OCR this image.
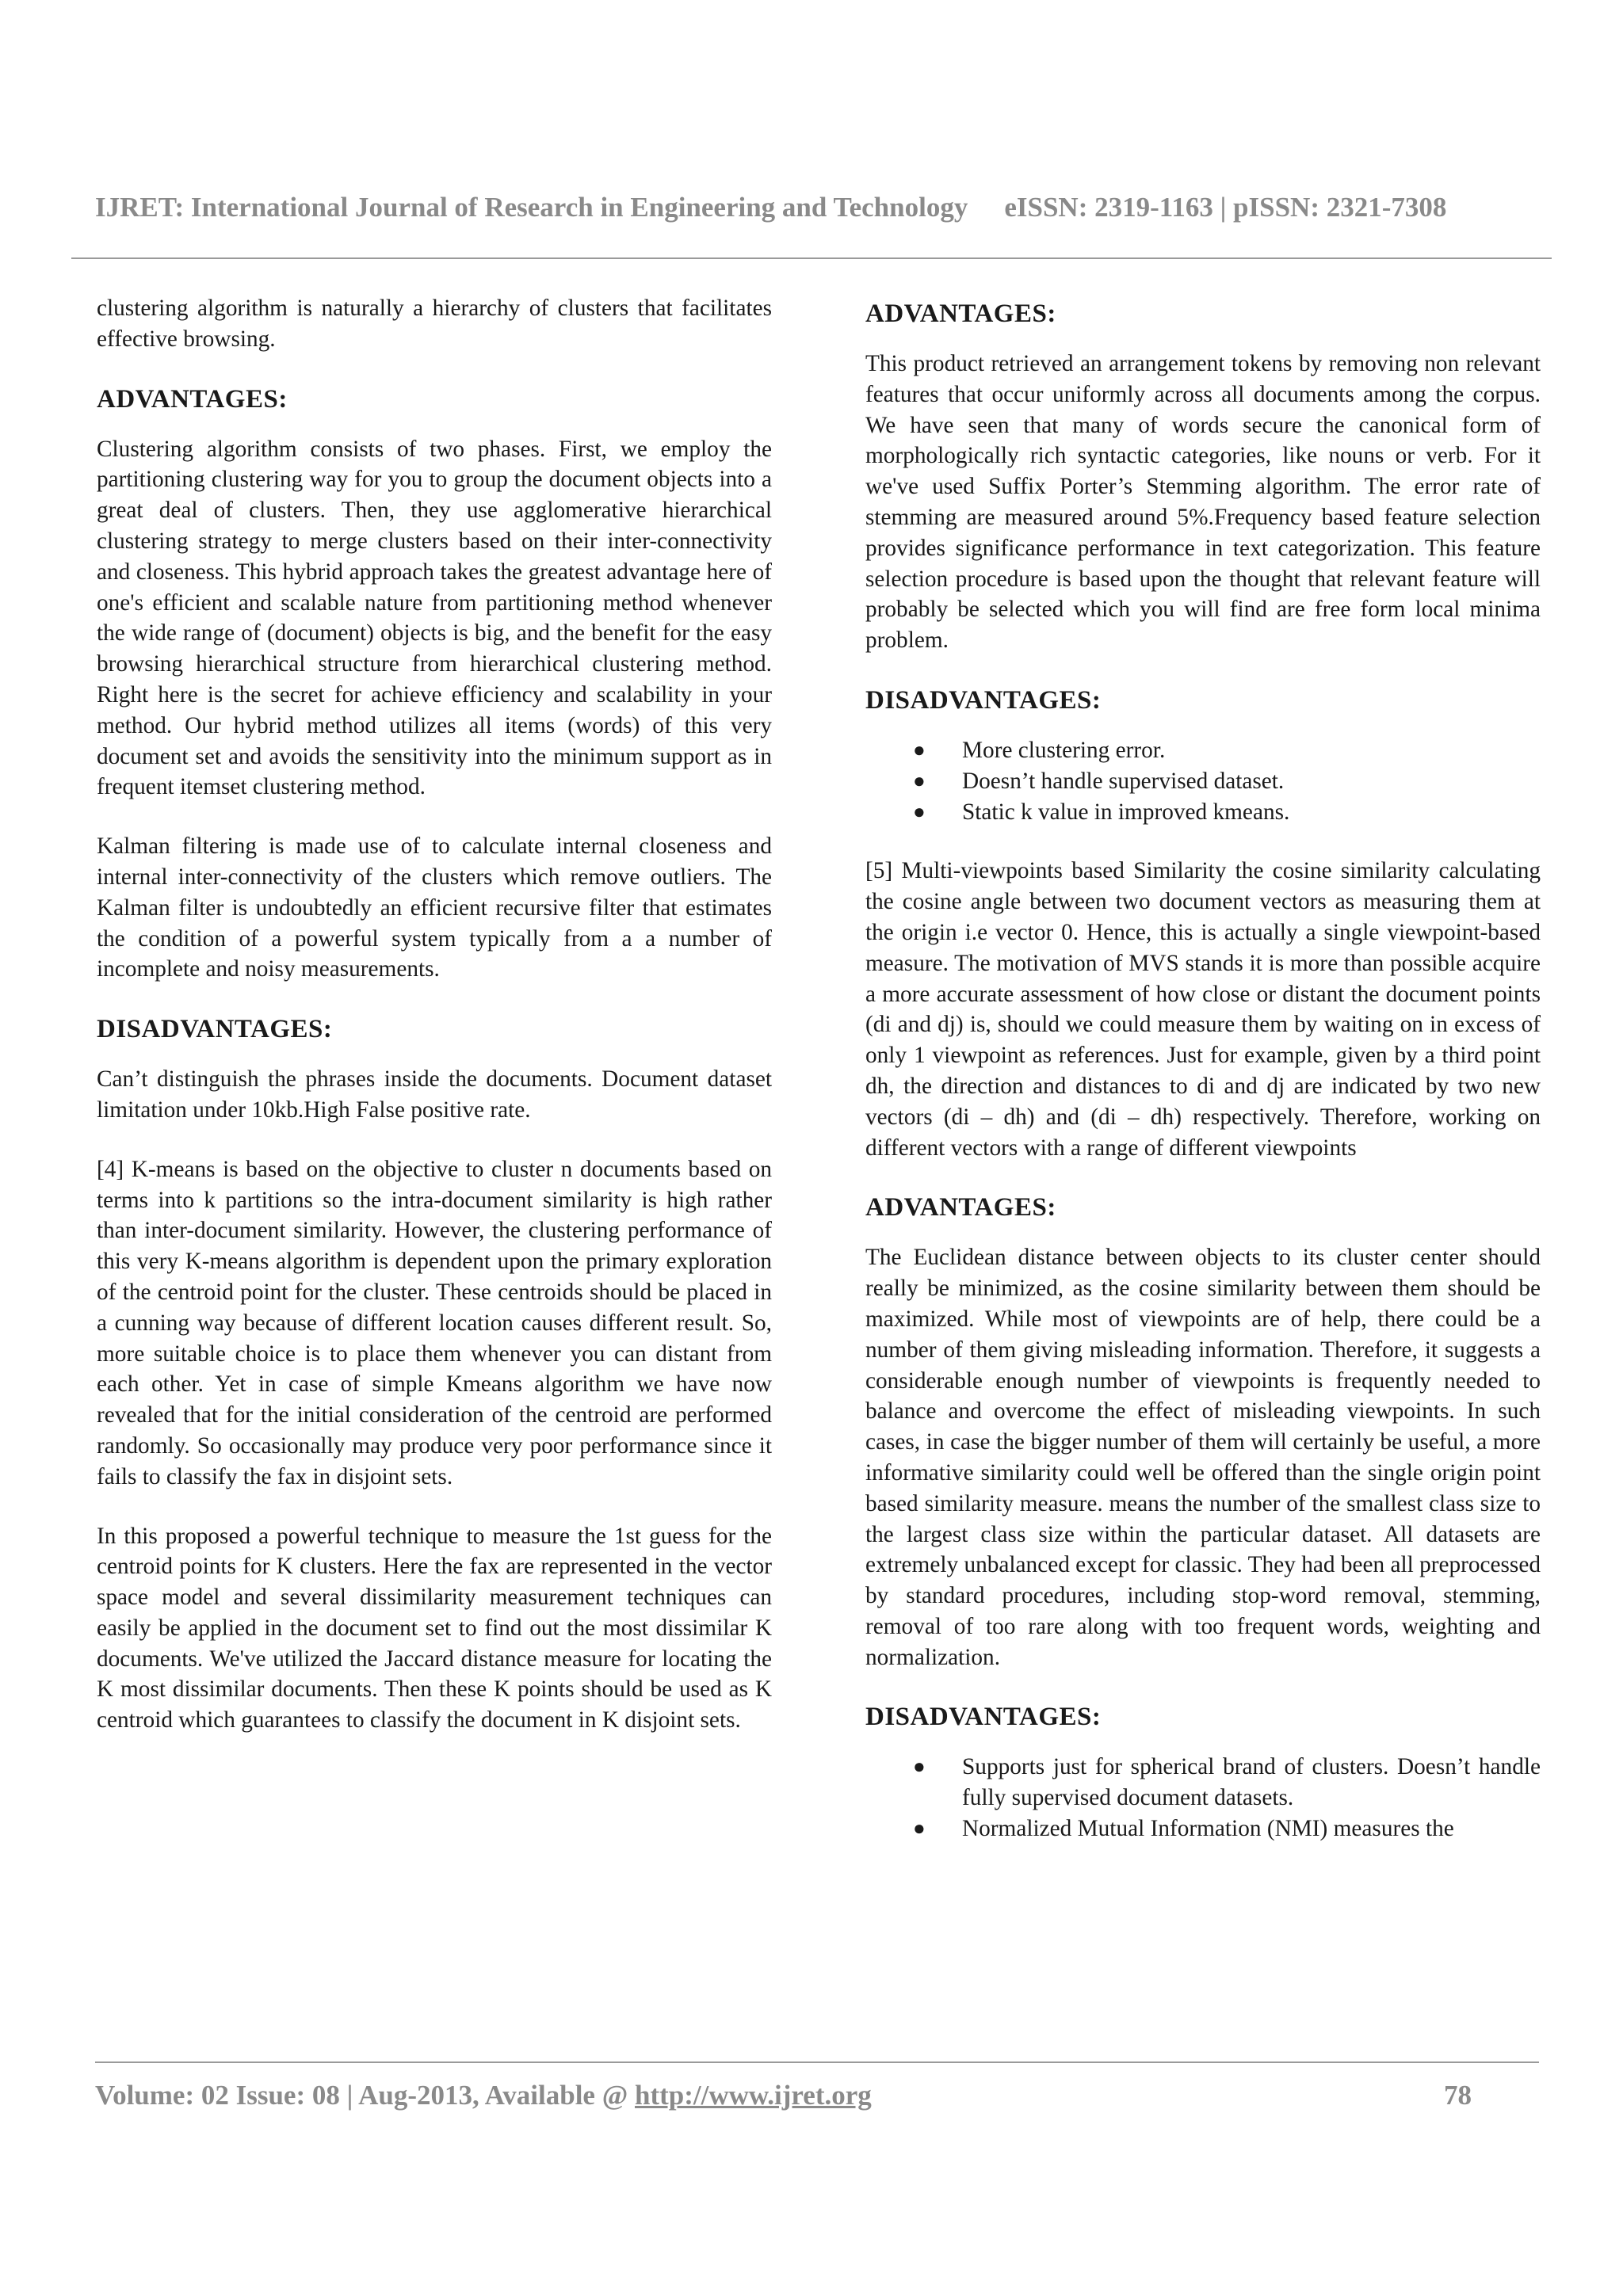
IJRET: International Journal of Research in Engineering and Technology eISSN: 2319-1163 | pISSN: 2321-7308

clustering algorithm is naturally a hierarchy of clusters that facilitates effective browsing.

ADVANTAGES:

Clustering algorithm consists of two phases. First, we employ the partitioning clustering way for you to group the document objects into a great deal of clusters. Then, they use agglomerative hierarchical clustering strategy to merge clusters based on their inter-connectivity and closeness. This hybrid approach takes the greatest advantage here of one's efficient and scalable nature from partitioning method whenever the wide range of (document) objects is big, and the benefit for the easy browsing hierarchical structure from hierarchical clustering method. Right here is the secret for achieve efficiency and scalability in your method. Our hybrid method utilizes all items (words) of this very document set and avoids the sensitivity into the minimum support as in frequent itemset clustering method.

Kalman filtering is made use of to calculate internal closeness and internal inter-connectivity of the clusters which remove outliers. The Kalman filter is undoubtedly an efficient recursive filter that estimates the condition of a powerful system typically from a a number of incomplete and noisy measurements.

DISADVANTAGES:

Can’t distinguish the phrases inside the documents. Document dataset limitation under 10kb.High False positive rate.

[4] K-means is based on the objective to cluster n documents based on terms into k partitions so the intra-document similarity is high rather than inter-document similarity. However, the clustering performance of this very K-means algorithm is dependent upon the primary exploration of the centroid point for the cluster. These centroids should be placed in a cunning way because of different location causes different result. So, more suitable choice is to place them whenever you can distant from each other. Yet in case of simple Kmeans algorithm we have now revealed that for the initial consideration of the centroid are performed randomly. So occasionally may produce very poor performance since it fails to classify the fax in disjoint sets.

In this proposed a powerful technique to measure the 1st guess for the centroid points for K clusters. Here the fax are represented in the vector space model and several dissimilarity measurement techniques can easily be applied in the document set to find out the most dissimilar K documents. We've utilized the Jaccard distance measure for locating the K most dissimilar documents. Then these K points should be used as K centroid which guarantees to classify the document in K disjoint sets.

ADVANTAGES:

This product retrieved an arrangement tokens by removing non relevant features that occur uniformly across all documents among the corpus. We have seen that many of words secure the canonical form of morphologically rich syntactic categories, like nouns or verb. For it we've used Suffix Porter’s Stemming algorithm. The error rate of stemming are measured around 5%.Frequency based feature selection provides significance performance in text categorization. This feature selection procedure is based upon the thought that relevant feature will probably be selected which you will find are free form local minima problem.

DISADVANTAGES:
● More clustering error.
● Doesn’t handle supervised dataset.
● Static k value in improved kmeans.

[5] Multi-viewpoints based Similarity the cosine similarity calculating the cosine angle between two document vectors as measuring them at the origin i.e vector 0. Hence, this is actually a single viewpoint-based measure. The motivation of MVS stands it is more than possible acquire a more accurate assessment of how close or distant the document points (di and dj) is, should we could measure them by waiting on in excess of only 1 viewpoint as references. Just for example, given by a third point dh, the direction and distances to di and dj are indicated by two new vectors (di – dh) and (di – dh) respectively. Therefore, working on different vectors with a range of different viewpoints

ADVANTAGES:

The Euclidean distance between objects to its cluster center should really be minimized, as the cosine similarity between them should be maximized. While most of viewpoints are of help, there could be a number of them giving misleading information. Therefore, it suggests a considerable enough number of viewpoints is frequently needed to balance and overcome the effect of misleading viewpoints. In such cases, in case the bigger number of them will certainly be useful, a more informative similarity could well be offered than the single origin point based similarity measure. means the number of the smallest class size to the largest class size within the particular dataset. All datasets are extremely unbalanced except for classic. They had been all preprocessed by standard procedures, including stop-word removal, stemming, removal of too rare along with too frequent words, weighting and normalization.

DISADVANTAGES:
● Supports just for spherical brand of clusters. Doesn’t handle fully supervised document datasets.
● Normalized Mutual Information (NMI) measures the
Volume: 02 Issue: 08 | Aug-2013, Available @ http://www.ijret.org	78
